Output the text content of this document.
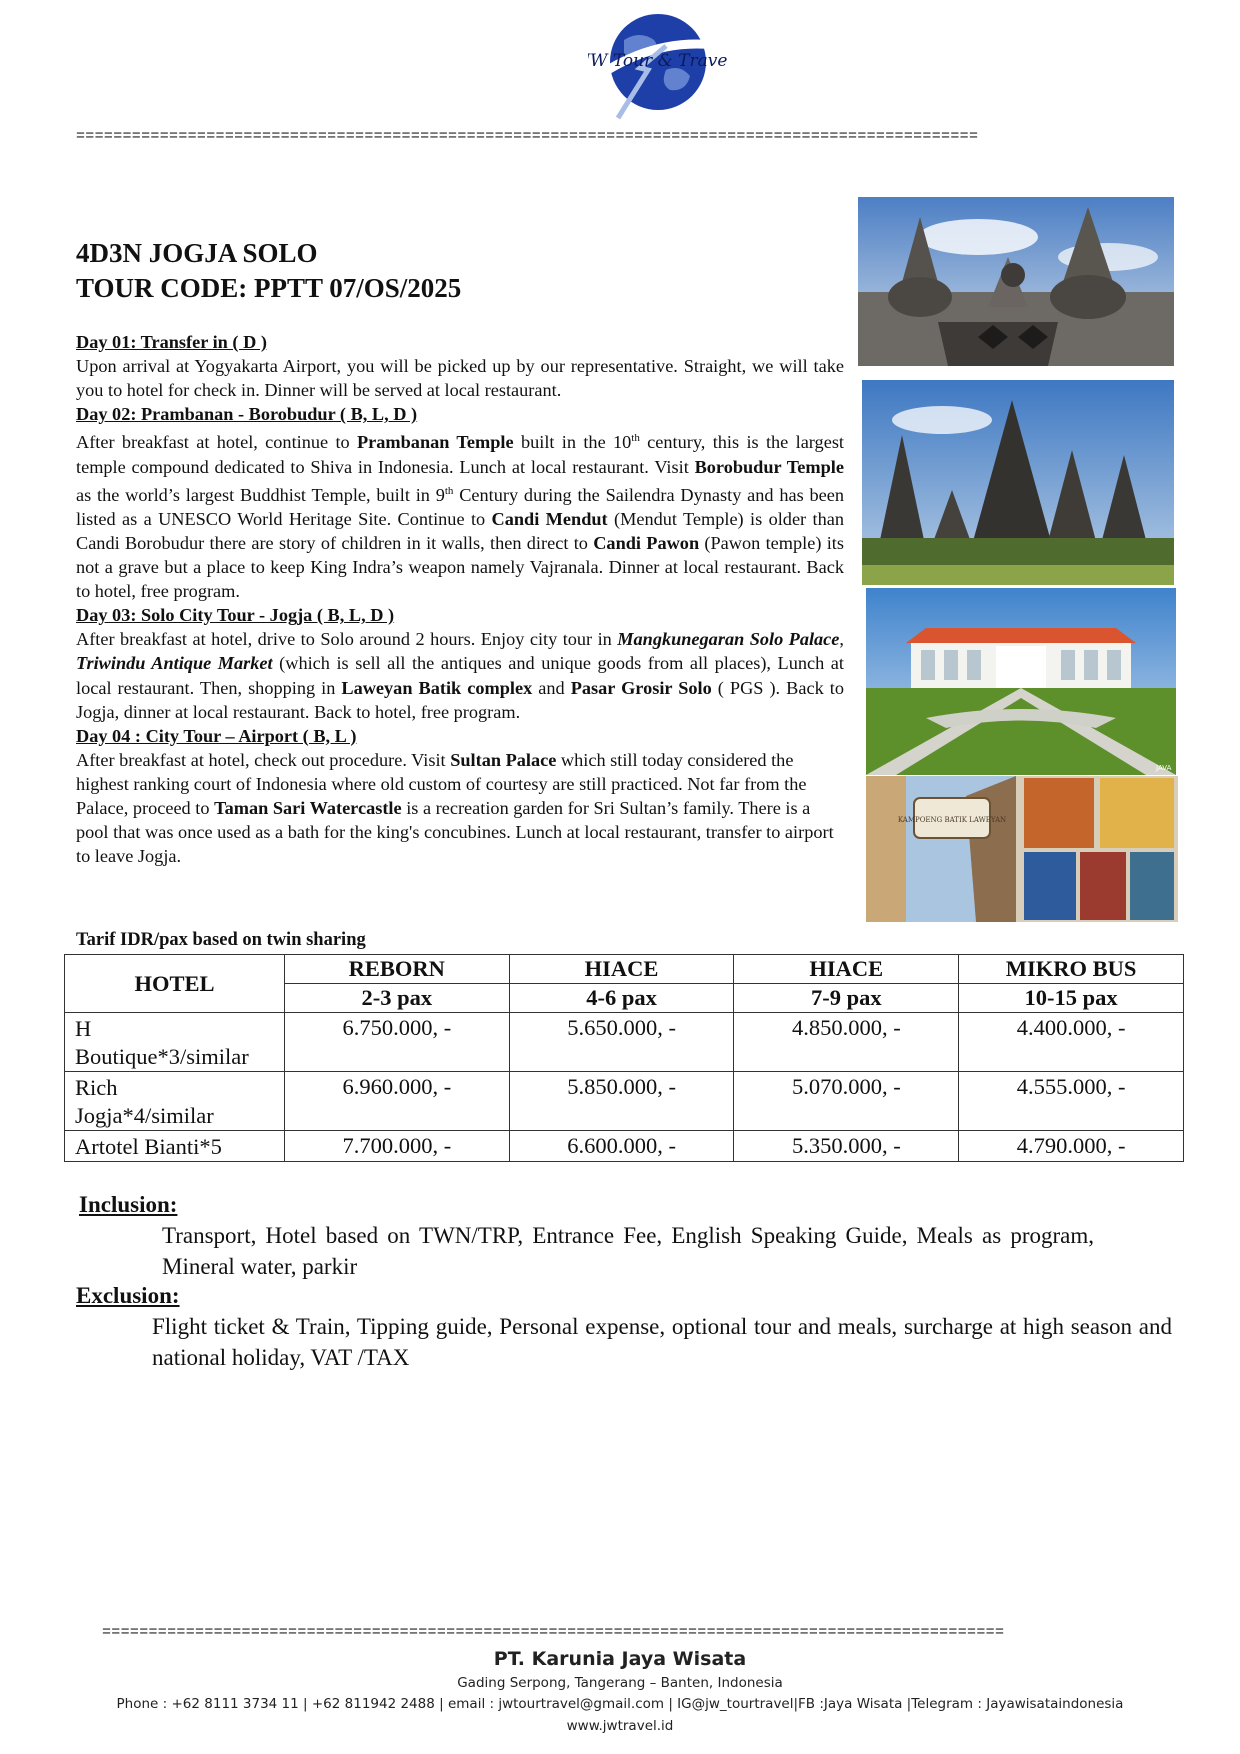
JW Tour & Travel
=================================================================================================
4D3N JOGJA SOLO
TOUR CODE: PPTT 07/OS/2025

Day 01: Transfer in ( D )

Upon arrival at Yogyakarta Airport, you will be picked up by our representative. Straight, we will take you to hotel for check in. Dinner will be served at local restaurant.

Day 02: Prambanan - Borobudur ( B, L, D )

After breakfast at hotel, continue to Prambanan Temple built in the 10th century, this is the largest temple compound dedicated to Shiva in Indonesia. Lunch at local restaurant. Visit Borobudur Temple as the world’s largest Buddhist Temple, built in 9th Century during the Sailendra Dynasty and has been listed as a UNESCO World Heritage Site. Continue to Candi Mendut (Mendut Temple) is older than Candi Borobudur there are story of children in it walls, then direct to Candi Pawon (Pawon temple) its not a grave but a place to keep King Indra’s weapon namely Vajranala. Dinner at local restaurant. Back to hotel, free program.

Day 03: Solo City Tour - Jogja ( B, L, D )

After breakfast at hotel, drive to Solo around 2 hours. Enjoy city tour in Mangkunegaran Solo Palace, Triwindu Antique Market (which is sell all the antiques and unique goods from all places), Lunch at local restaurant. Then, shopping in Laweyan Batik complex and Pasar Grosir Solo ( PGS ). Back to Jogja, dinner at local restaurant. Back to hotel, free program.

Day 04 : City Tour – Airport ( B, L )

After breakfast at hotel, check out procedure. Visit Sultan Palace which still today considered the highest ranking court of Indonesia where old custom of courtesy are still practiced. Not far from the Palace, proceed to Taman Sari Watercastle is a recreation garden for Sri Sultan’s family. There is a pool that was once used as a bath for the king's concubines. Lunch at local restaurant, transfer to airport to leave Jogja.

JAVA
KAMPOENG BATIK LAWEYAN
Tarif IDR/pax based on twin sharing
HOTEL	REBORN	HIACE	HIACE	MIKRO BUS
	2-3 pax	4-6 pax	7-9 pax	10-15 pax
H
Boutique*3/similar	6.750.000, -	5.650.000, -	4.850.000, -	4.400.000, -
Rich
Jogja*4/similar	6.960.000, -	5.850.000, -	5.070.000, -	4.555.000, -
Artotel Bianti*5	7.700.000, -	6.600.000, -	5.350.000, -	4.790.000, -
Inclusion:
Transport, Hotel based on TWN/TRP, Entrance Fee, English Speaking Guide, Meals as program, Mineral water, parkir
Exclusion:
Flight ticket & Train, Tipping guide, Personal expense, optional tour and meals, surcharge at high season and national holiday, VAT /TAX
=================================================================================================
PT. Karunia Jaya Wisata
Gading Serpong, Tangerang – Banten, Indonesia
Phone : +62 8111 3734 11 | +62 811942 2488 | email : jwtourtravel@gmail.com | IG@jw_tourtravel|FB :Jaya Wisata |Telegram : Jayawisataindonesia
www.jwtravel.id
